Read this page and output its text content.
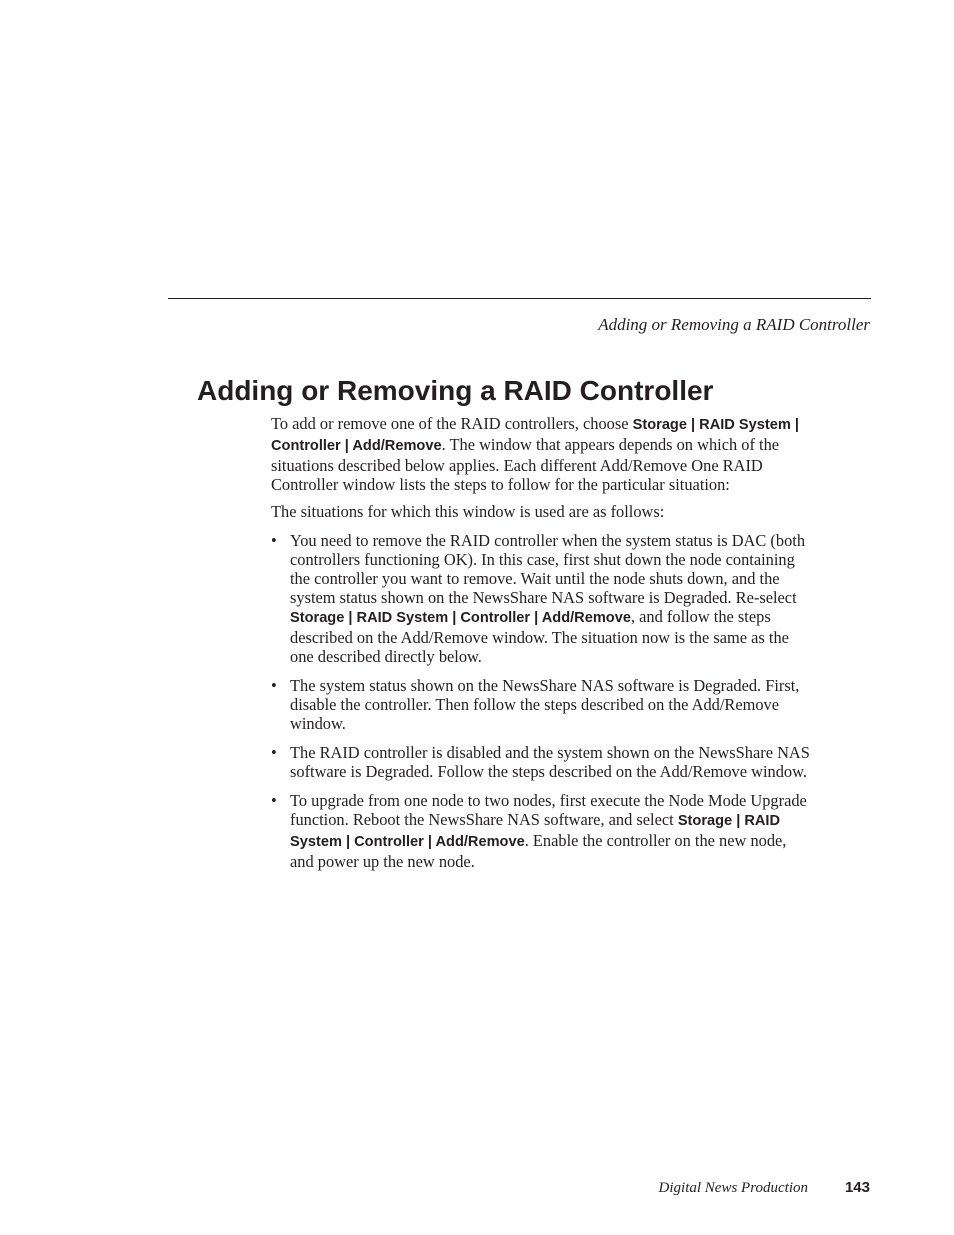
Adding or Removing a RAID Controller
Adding or Removing a RAID Controller

To add or remove one of the RAID controllers, choose Storage | RAID System | Controller | Add/Remove. The window that appears depends on which of the situations described below applies. Each different Add/Remove One RAID Controller window lists the steps to follow for the particular situation:

The situations for which this window is used are as follows:

• You need to remove the RAID controller when the system status is DAC (both controllers functioning OK). In this case, first shut down the node containing the controller you want to remove. Wait until the node shuts down, and the system status shown on the NewsShare NAS software is Degraded. Re-select Storage | RAID System | Controller | Add/Remove, and follow the steps described on the Add/Remove window. The situation now is the same as the one described directly below.
• The system status shown on the NewsShare NAS software is Degraded. First, disable the controller. Then follow the steps described on the Add/Remove window.
• The RAID controller is disabled and the system shown on the NewsShare NAS software is Degraded. Follow the steps described on the Add/Remove window.
• To upgrade from one node to two nodes, first execute the Node Mode Upgrade function. Reboot the NewsShare NAS software, and select Storage | RAID System | Controller | Add/Remove. Enable the controller on the new node, and power up the new node.
Digital News Production 143
